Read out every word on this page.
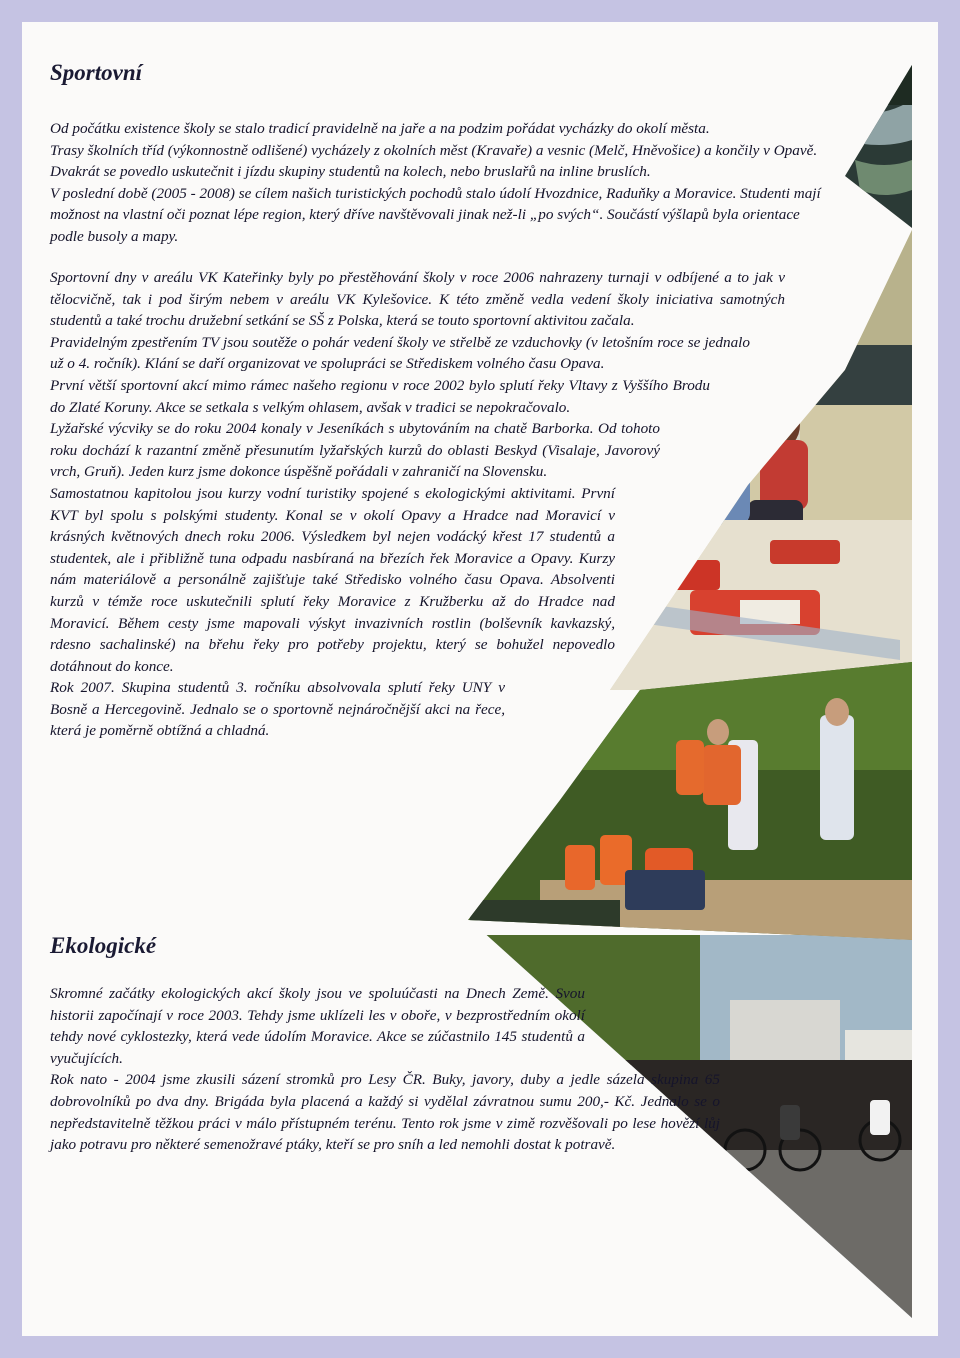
Sportovní

Od počátku existence školy se stalo tradicí pravidelně na jaře a na podzim pořádat vycházky do okolí města.

Trasy školních tříd (výkonnostně odlišené) vycházely z okolních měst (Kravaře) a vesnic (Melč, Hněvošice) a končily v Opavě.

Dvakrát se povedlo uskutečnit i jízdu skupiny studentů na kolech, nebo bruslařů na inline bruslích.

V poslední době (2005 - 2008) se cílem našich turistických pochodů stalo údolí Hvozdnice, Raduňky a Moravice. Studenti mají možnost na vlastní oči poznat lépe region, který dříve navštěvovali jinak než-li „po svých“. Součástí výšlapů byla orientace podle busoly a mapy.

Sportovní dny v areálu VK Kateřinky byly po přestěhování školy v roce 2006 nahrazeny turnaji v odbíjené a to jak v tělocvičně, tak i pod širým nebem v areálu VK Kylešovice. K této změně vedla vedení školy iniciativa samotných studentů a také trochu družební setkání se SŠ z Polska, která se touto sportovní aktivitou začala.

Pravidelným zpestřením TV jsou soutěže o pohár vedení školy ve střelbě ze vzduchovky (v letošním roce se jednalo už o 4. ročník). Klání se daří organizovat ve spolupráci se Střediskem volného času Opava.

První větší sportovní akcí mimo rámec našeho regionu v roce 2002 bylo splutí řeky Vltavy z Vyššího Brodu do Zlaté Koruny. Akce se setkala s velkým ohlasem, avšak v tradici se nepokračovalo.

Lyžařské výcviky se do roku 2004 konaly v Jeseníkách s ubytováním na chatě Barborka. Od tohoto roku dochází k razantní změně přesunutím lyžařských kurzů do oblasti Beskyd (Visalaje, Javorový vrch, Gruň). Jeden kurz jsme dokonce úspěšně pořádali v zahraničí na Slovensku.

Samostatnou kapitolou jsou kurzy vodní turistiky spojené s ekologickými aktivitami. První KVT byl spolu s polskými studenty. Konal se v okolí Opavy a Hradce nad Moravicí v krásných květnových dnech roku 2006. Výsledkem byl nejen vodácký křest 17 studentů a studentek, ale i přibližně tuna odpadu nasbíraná na březích řek Moravice a Opavy. Kurzy nám materiálově a personálně zajišťuje také Středisko volného času Opava. Absolventi kurzů v témže roce uskutečnili splutí řeky Moravice z Kružberku až do Hradce nad Moravicí. Během cesty jsme mapovali výskyt invazivních rostlin (bolševník kavkazský, rdesno sachalinské) na břehu řeky pro potřeby projektu, který se bohužel nepovedlo dotáhnout do konce.

Rok 2007. Skupina studentů 3. ročníku absolvovala splutí řeky UNY v Bosně a Hercegovině. Jednalo se o sportovně nejnáročnější akci na řece, která je poměrně obtížná a chladná.

Ekologické

Skromné začátky ekologických akcí školy jsou ve spoluúčasti na Dnech Země. Svou historii započínají v roce 2003. Tehdy jsme uklízeli les v oboře, v bezprostředním okolí tehdy nové cyklostezky, která vede údolím Moravice. Akce se zúčastnilo 145 studentů a vyučujících.

Rok nato - 2004 jsme zkusili sázení stromků pro Lesy ČR. Buky, javory, duby a jedle sázela skupina 65 dobrovolníků po dva dny. Brigáda byla placená a každý si vydělal závratnou sumu 200,- Kč. Jednalo se o nepředstavitelně těžkou práci v málo přístupném terénu. Tento rok jsme v zimě rozvěšovali po lese hovězí lůj jako potravu pro některé semenožravé ptáky, kteří se pro sníh a led nemohli dostat k potravě.
